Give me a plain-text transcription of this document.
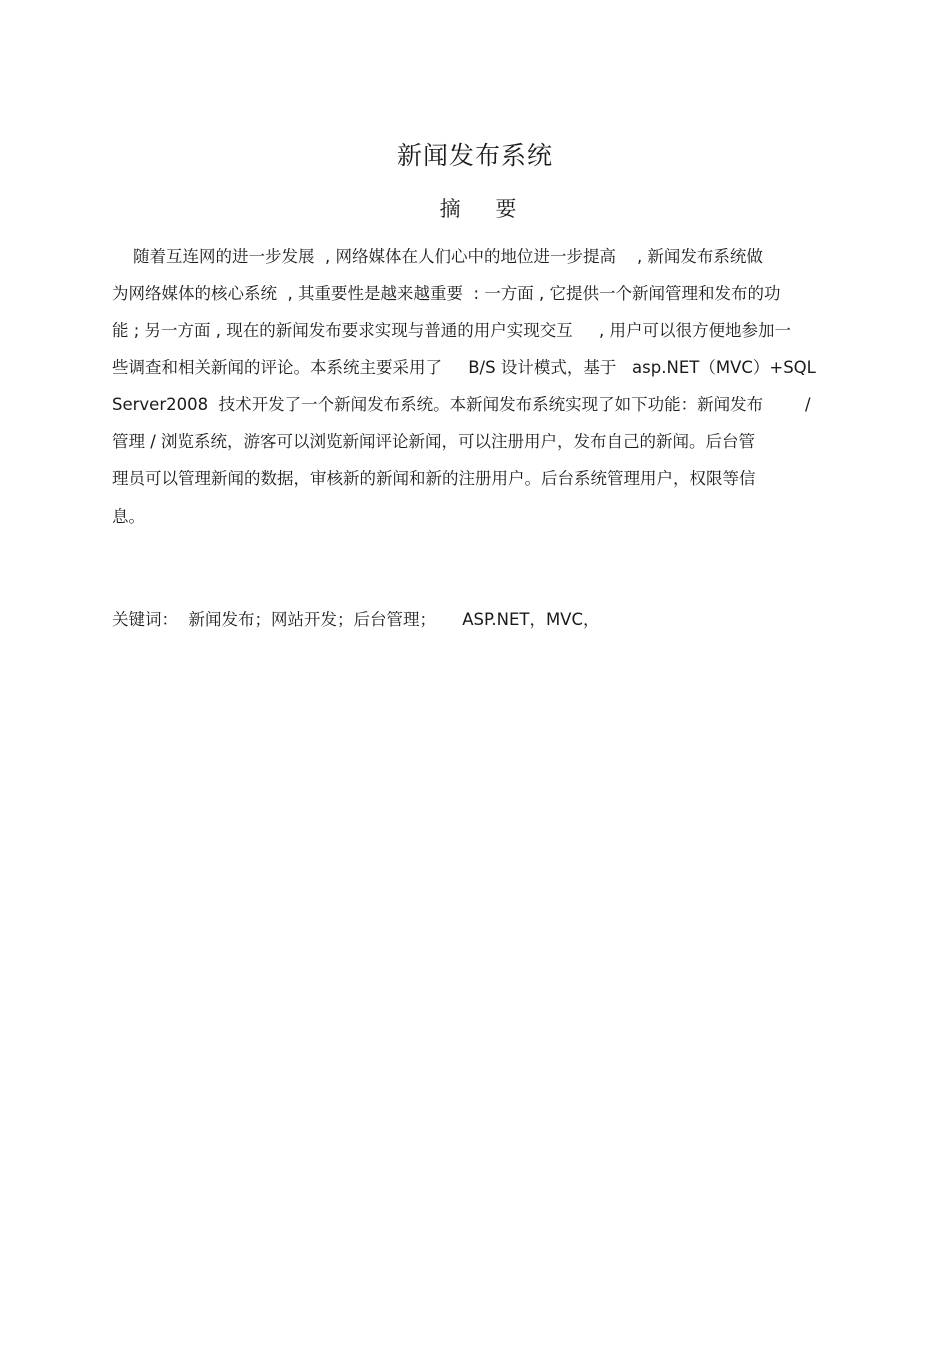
新闻发布系统
摘 要
随着互连网的进一步发展  , 网络媒体在人们心中的地位进一步提高    , 新闻发布系统做
为网络媒体的核心系统  , 其重要性是越来越重要  : 一方面 , 它提供一个新闻管理和发布的功
能 ; 另一方面 , 现在的新闻发布要求实现与普通的用户实现交互     , 用户可以很方便地参加一
些调查和相关新闻的评论。本系统主要采用了     B/S 设计模式，基于   asp.NET（MVC）+SQL
Server2008  技术开发了一个新闻发布系统。本新闻发布系统实现了如下功能：新闻发布        /
管理 / 浏览系统，游客可以浏览新闻评论新闻，可以注册用户，发布自己的新闻。后台管
理员可以管理新闻的数据，审核新的新闻和新的注册用户。后台系统管理用户，权限等信
息。
关键词：  新闻发布；网站开发；后台管理；     ASP.NET，MVC，
